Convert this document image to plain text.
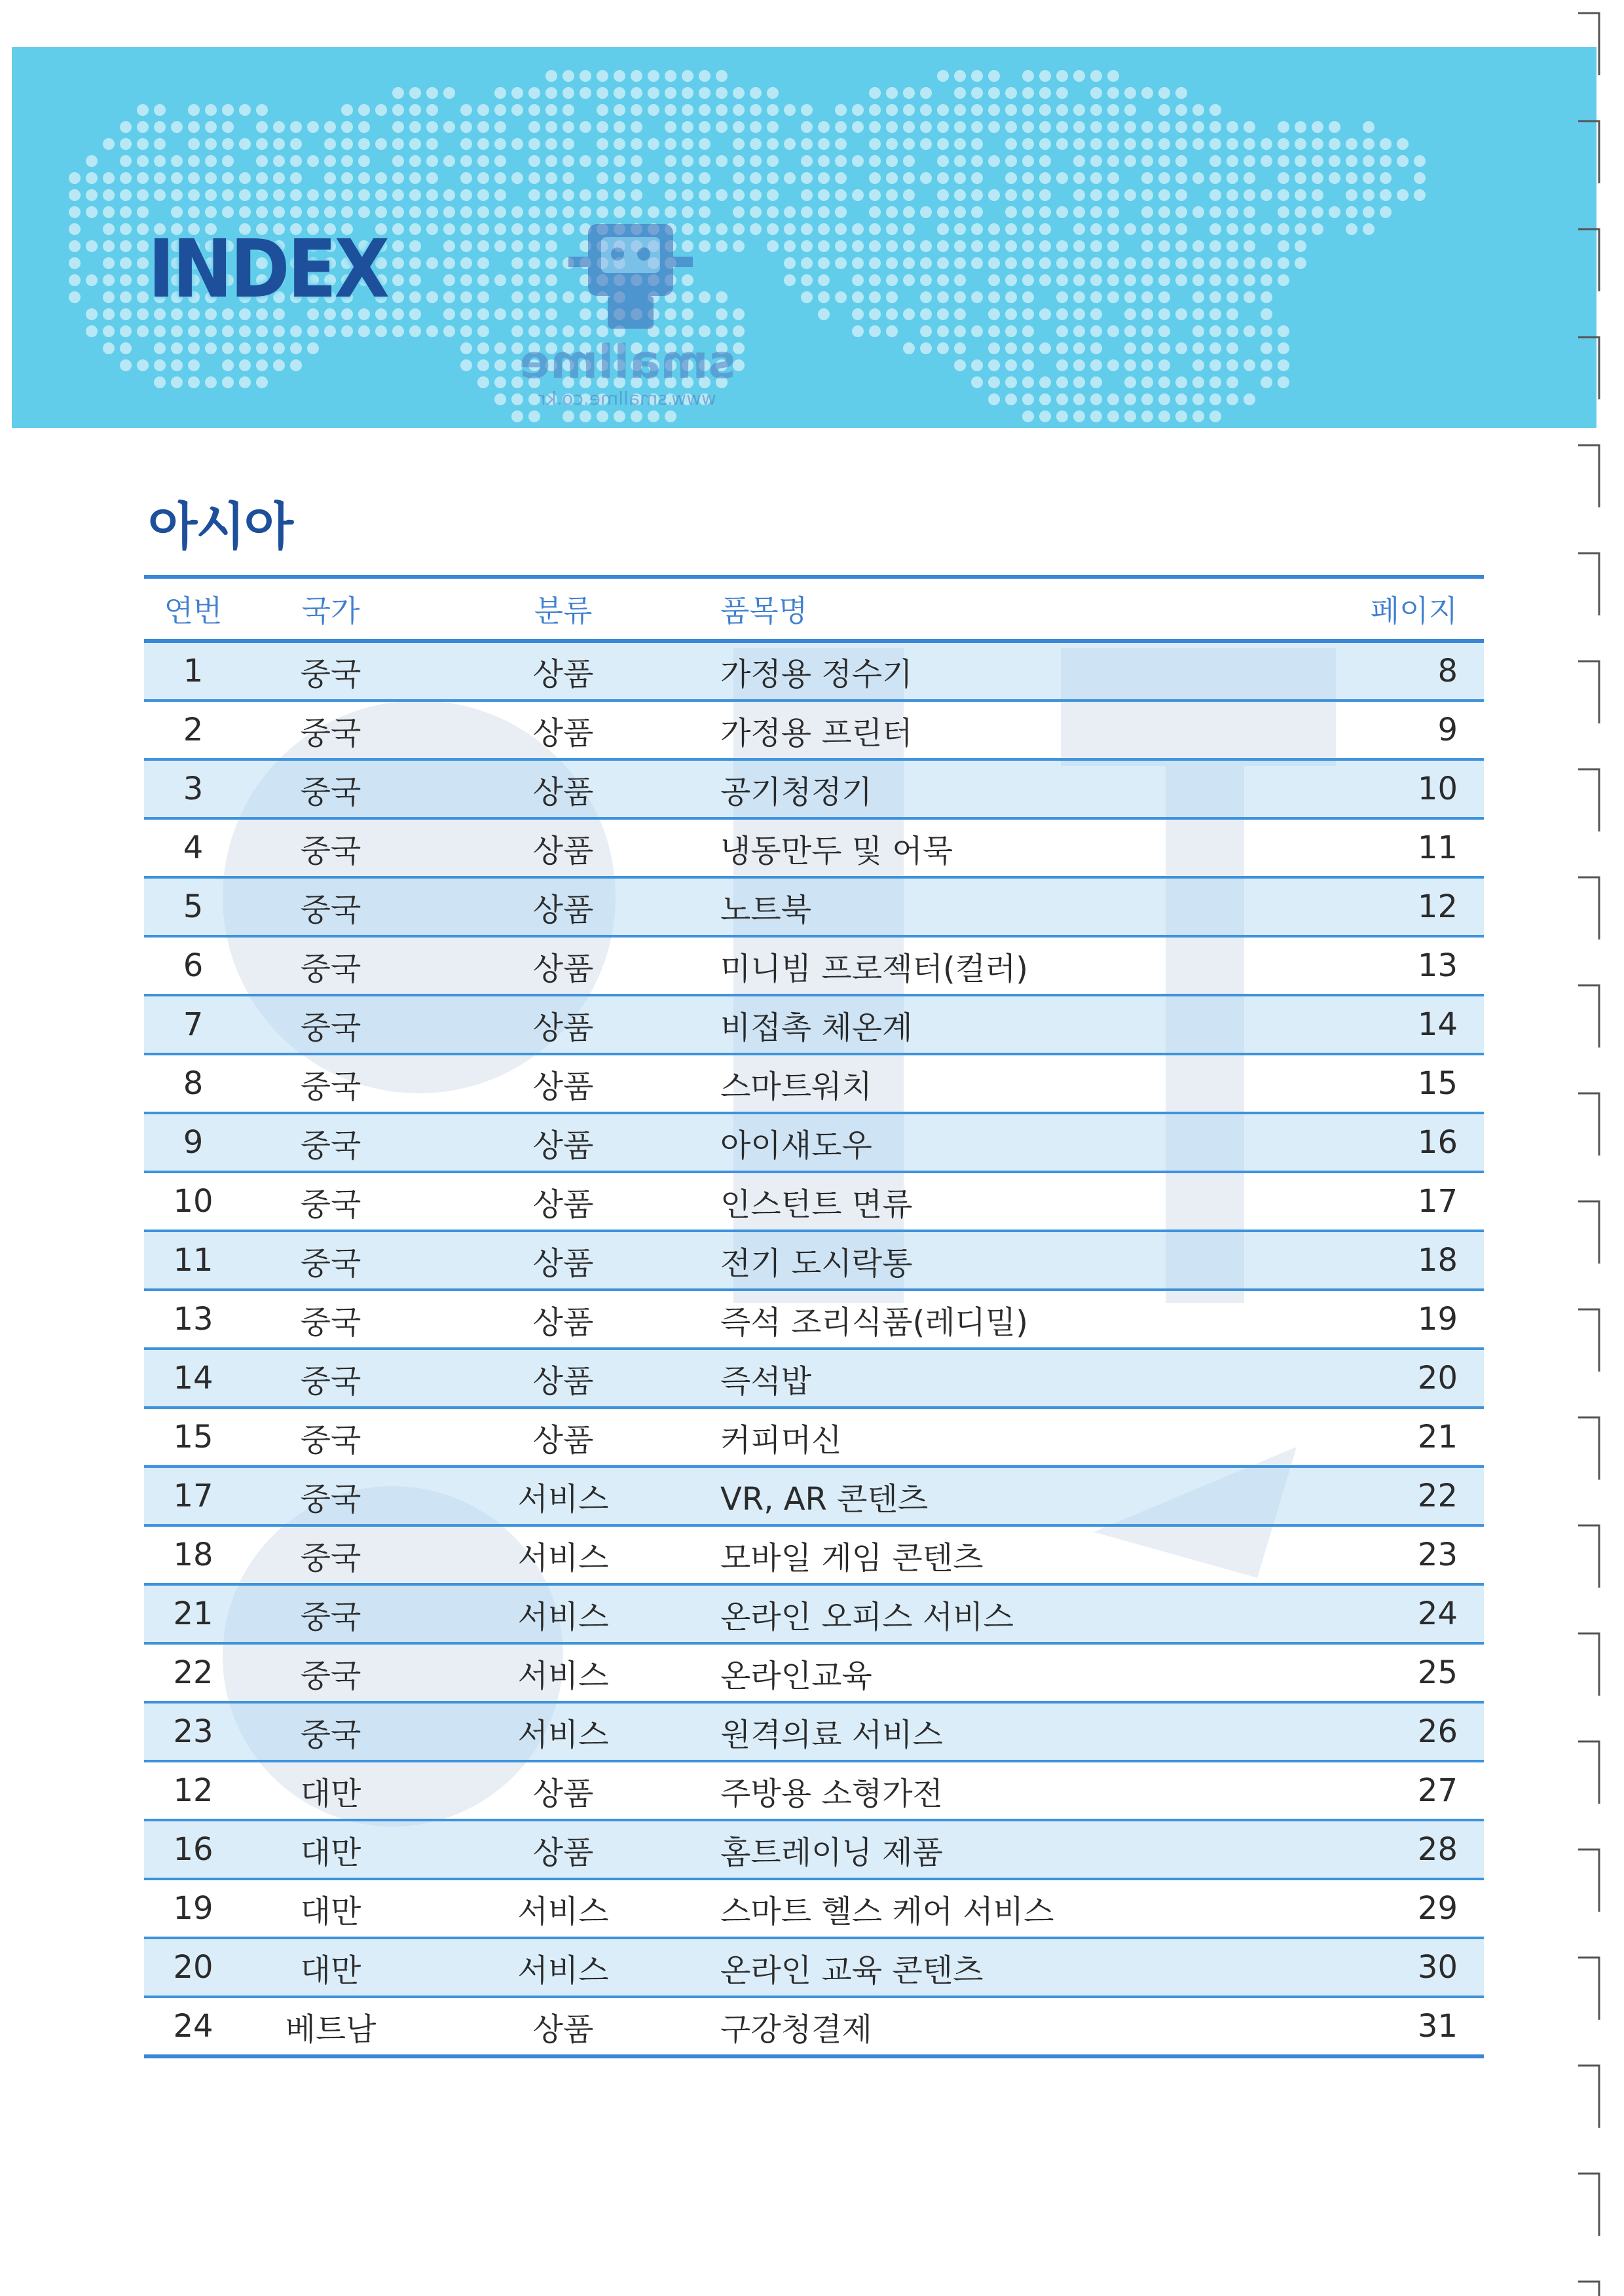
smallme
www.smallme.co.kr
INDEX
아시아
연번	국가	분류	품목명	페이지
1	중국	상품	가정용 정수기	8
2	중국	상품	가정용 프린터	9
3	중국	상품	공기청정기	10
4	중국	상품	냉동만두 및 어묵	11
5	중국	상품	노트북	12
6	중국	상품	미니빔 프로젝터(컬러)	13
7	중국	상품	비접촉 체온계	14
8	중국	상품	스마트워치	15
9	중국	상품	아이섀도우	16
10	중국	상품	인스턴트 면류	17
11	중국	상품	전기 도시락통	18
13	중국	상품	즉석 조리식품(레디밀)	19
14	중국	상품	즉석밥	20
15	중국	상품	커피머신	21
17	중국	서비스	VR, AR 콘텐츠	22
18	중국	서비스	모바일 게임 콘텐츠	23
21	중국	서비스	온라인 오피스 서비스	24
22	중국	서비스	온라인교육	25
23	중국	서비스	원격의료 서비스	26
12	대만	상품	주방용 소형가전	27
16	대만	상품	홈트레이닝 제품	28
19	대만	서비스	스마트 헬스 케어 서비스	29
20	대만	서비스	온라인 교육 콘텐츠	30
24	베트남	상품	구강청결제	31
